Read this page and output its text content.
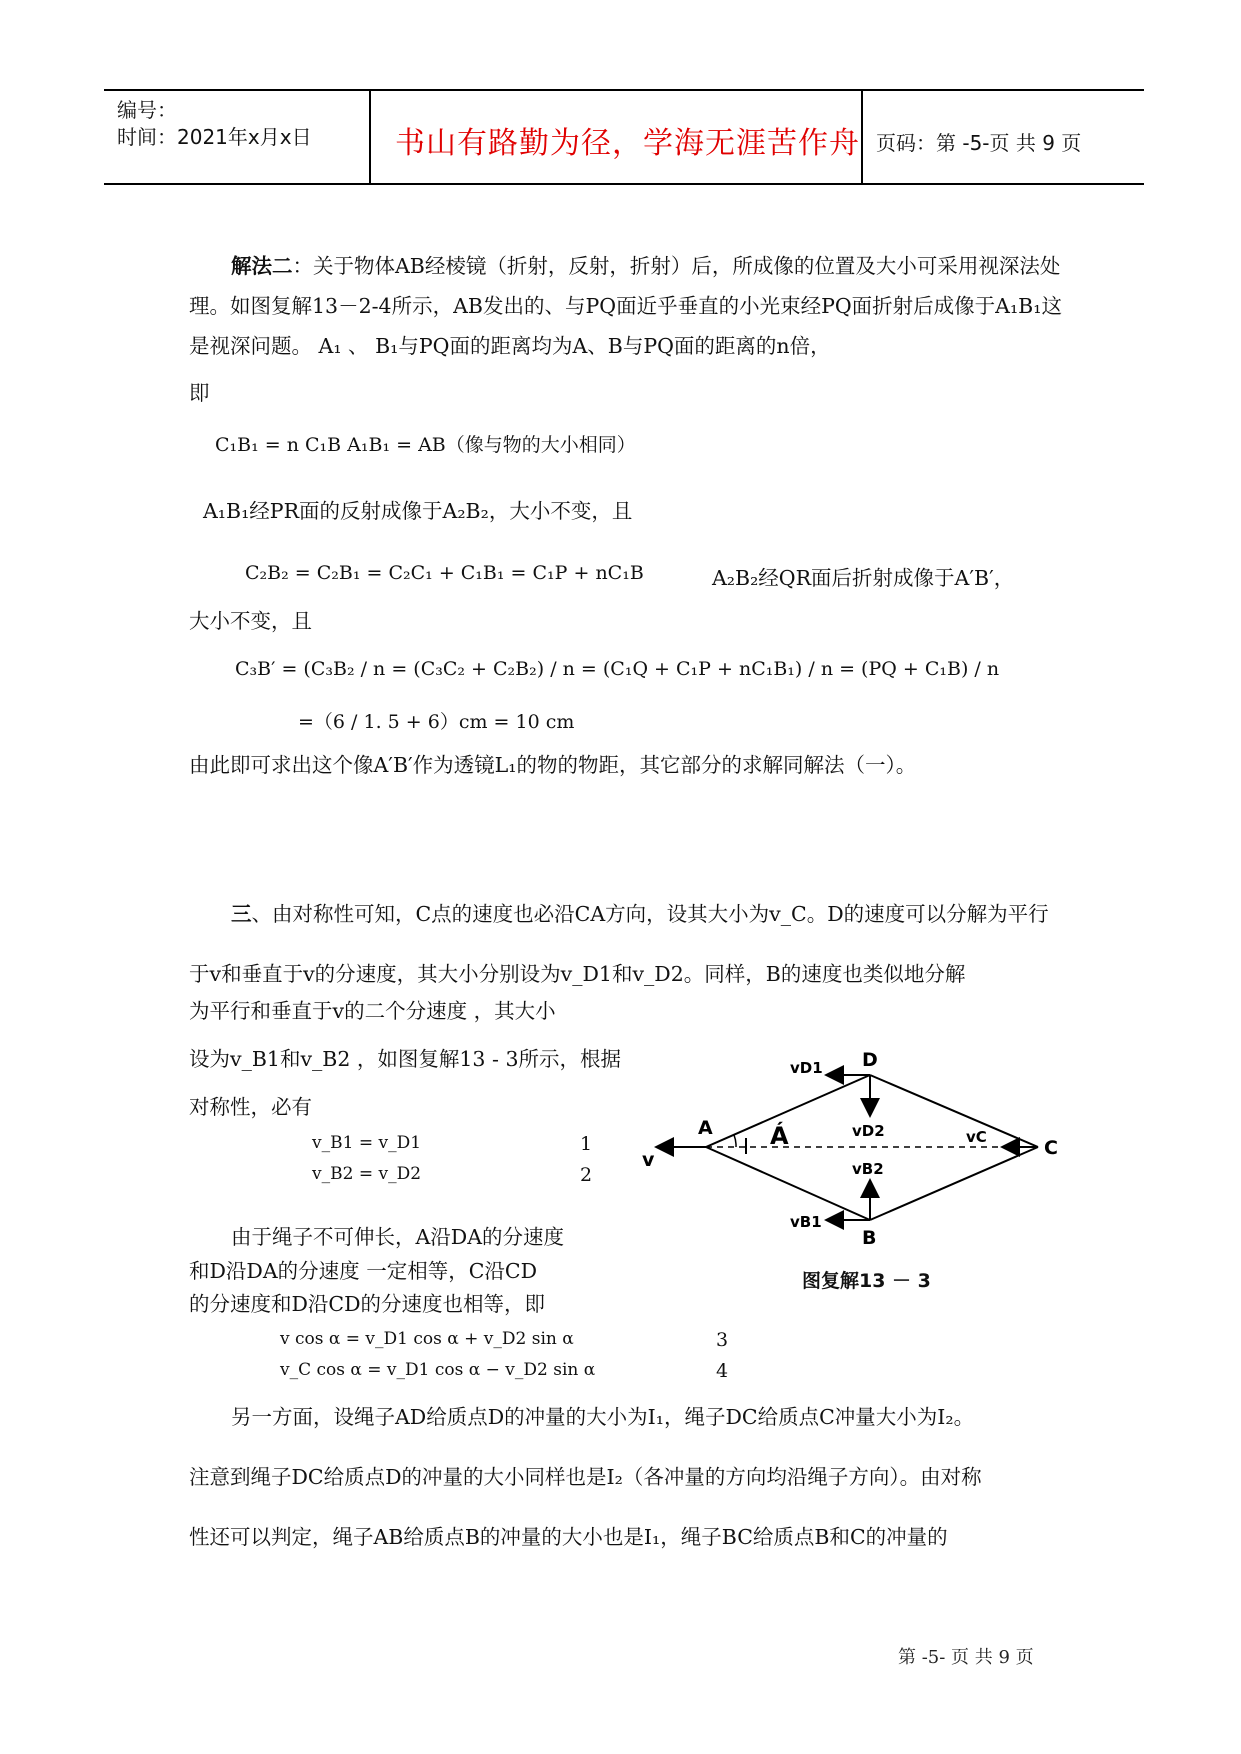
编号：
时间：2021年x月x日	书山有路勤为径，学海无涯苦作舟 页码：第 -5-页 共 9 页
解法二：关于物体AB经棱镜（折射，反射，折射）后，所成像的位置及大小可采用视深法处理。如图复解13－2-4所示，AB发出的、与PQ面近乎垂直的小光束经PQ面折射后成像于A₁B₁这是视深问题。 A₁ 、 B₁与PQ面的距离均为A、B与PQ面的距离的n倍，
即
C₁B₁ = n C₁B A₁B₁ = AB（像与物的大小相同）
A₁B₁经PR面的反射成像于A₂B₂，大小不变，且
C₂B₂ = C₂B₁ = C₂C₁ + C₁B₁ = C₁P + nC₁B	A₂B₂经QR面后折射成像于A′B′，
大小不变，且
C₃B′ = (C₃B₂ / n = (C₃C₂ + C₂B₂) / n = (C₁Q + C₁P + nC₁B₁) / n = (PQ + C₁B) / n
=（6 / 1. 5 + 6）cm = 10 cm
由此即可求出这个像A′B′作为透镜L₁的物的物距，其它部分的求解同解法（一）。
三、由对称性可知，C点的速度也必沿CA方向，设其大小为v_C。D的速度可以分解为平行于v和垂直于v的分速度，其大小分别设为v_D1和v_D2。同样，B的速度也类似地分解
为平行和垂直于v的二个分速度 ，其大小
设为v_B1和v_B2 ，如图复解13 - 3所示，根据
对称性，必有
v_B1 = v_D1	1
v_B2 = v_D2	2
由于绳子不可伸长，A沿DA的分速度
和D沿DA的分速度 一定相等，C沿CD
的分速度和D沿CD的分速度也相等，即
v cos α = v_D1 cos α + v_D2 sin α	3
v_C cos α = v_D1 cos α − v_D2 sin α	4
另一方面，设绳子AD给质点D的冲量的大小为I₁，绳子DC给质点C冲量大小为I₂。
注意到绳子DC给质点D的冲量的大小同样也是I₂（各冲量的方向均沿绳子方向）。由对称
性还可以判定，绳子AB给质点B的冲量的大小也是I₁，绳子BC给质点B和C的冲量的
A
D
C
B
v
vD1
vD2
vB1
vB2
vC
Á
图复解13 － 3
第 -5- 页 共 9 页
